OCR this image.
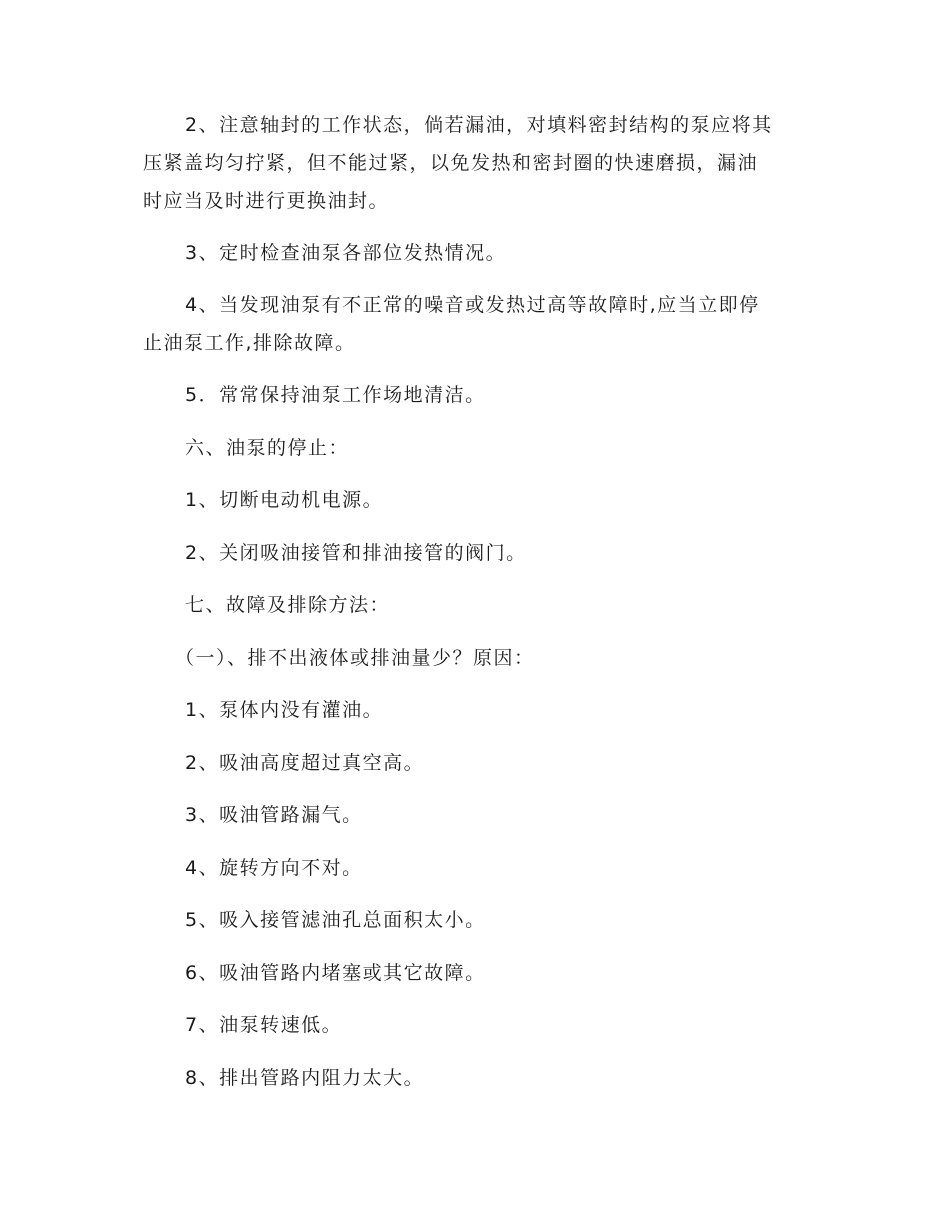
2、注意轴封的工作状态，倘若漏油，对填料密封结构的泵应将其
压紧盖均匀拧紧，但不能过紧，以免发热和密封圈的快速磨损，漏油
时应当及时进行更换油封。
3、定时检查油泵各部位发热情况。
4、当发现油泵有不正常的噪音或发热过高等故障时,应当立即停
止油泵工作,排除故障。
5．常常保持油泵工作场地清洁。
六、油泵的停止：
1、切断电动机电源。
2、关闭吸油接管和排油接管的阀门。
七、故障及排除方法：
（一）、排不出液体或排油量少？原因：
1、泵体内没有灌油。
2、吸油高度超过真空高。
3、吸油管路漏气。
4、旋转方向不对。
5、吸入接管滤油孔总面积太小。
6、吸油管路内堵塞或其它故障。
7、油泵转速低。
8、排出管路内阻力太大。
